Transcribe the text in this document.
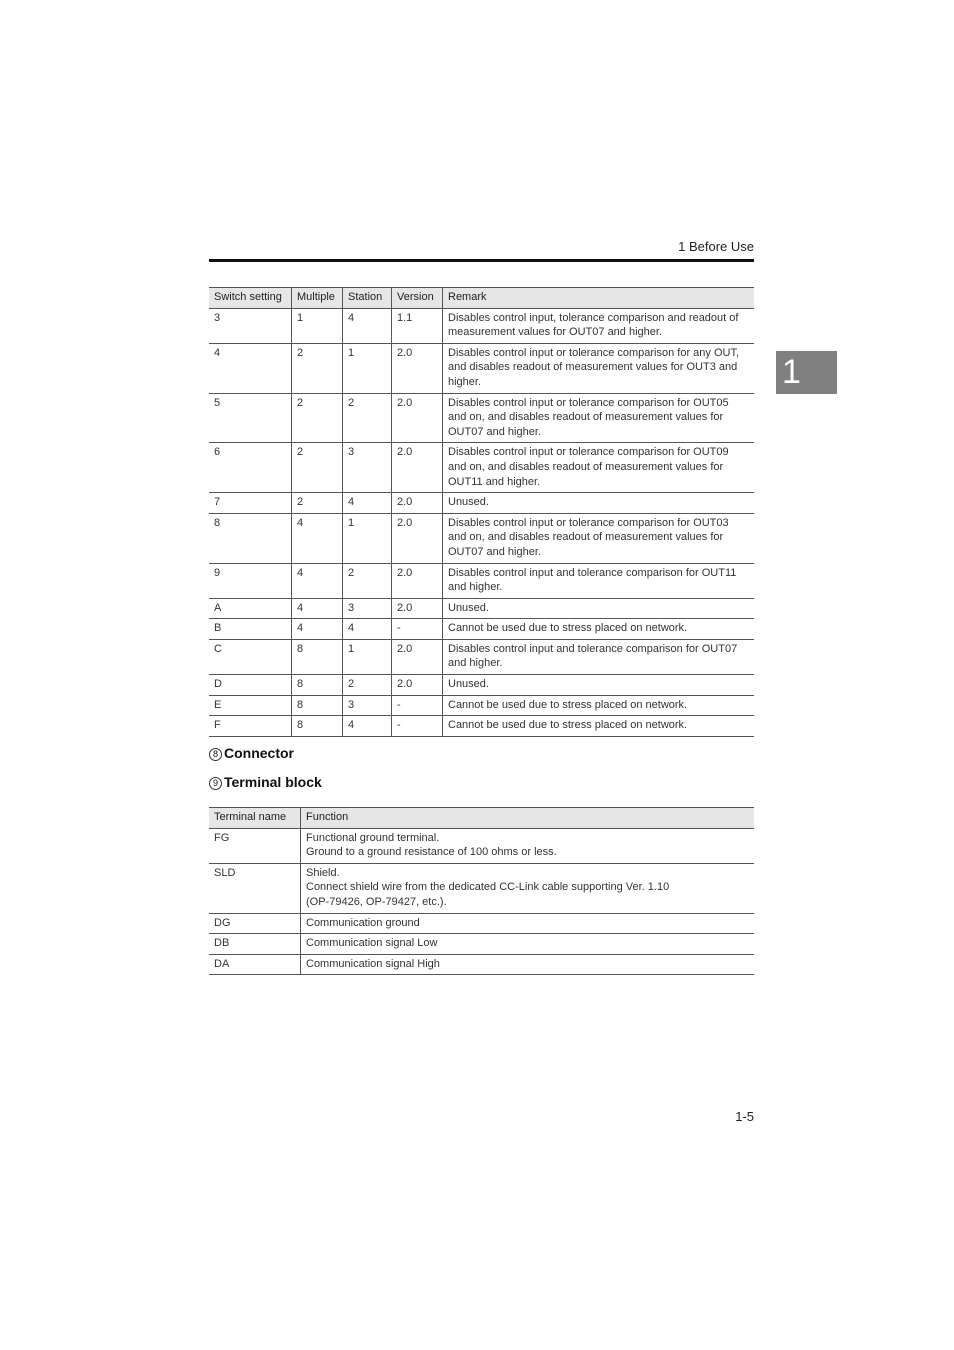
1 Before Use
1
Switch setting	Multiple	Station	Version	Remark
3	1	4	1.1	Disables control input, tolerance comparison and readout of measurement values for OUT07 and higher.
4	2	1	2.0	Disables control input or tolerance comparison for any OUT, and disables readout of measurement values for OUT3 and higher.
5	2	2	2.0	Disables control input or tolerance comparison for OUT05 and on, and disables readout of measurement values for OUT07 and higher.
6	2	3	2.0	Disables control input or tolerance comparison for OUT09 and on, and disables readout of measurement values for OUT11 and higher.
7	2	4	2.0	Unused.
8	4	1	2.0	Disables control input or tolerance comparison for OUT03 and on, and disables readout of measurement values for OUT07 and higher.
9	4	2	2.0	Disables control input and tolerance comparison for OUT11 and higher.
A	4	3	2.0	Unused.
B	4	4	-	Cannot be used due to stress placed on network.
C	8	1	2.0	Disables control input and tolerance comparison for OUT07 and higher.
D	8	2	2.0	Unused.
E	8	3	-	Cannot be used due to stress placed on network.
F	8	4	-	Cannot be used due to stress placed on network.
8 Connector
9 Terminal block
Terminal name	Function
FG	Functional ground terminal.
Ground to a ground resistance of 100 ohms or less.
SLD	Shield.
Connect shield wire from the dedicated CC-Link cable supporting Ver. 1.10
(OP-79426, OP-79427, etc.).
DG	Communication ground
DB	Communication signal Low
DA	Communication signal High
1-5
